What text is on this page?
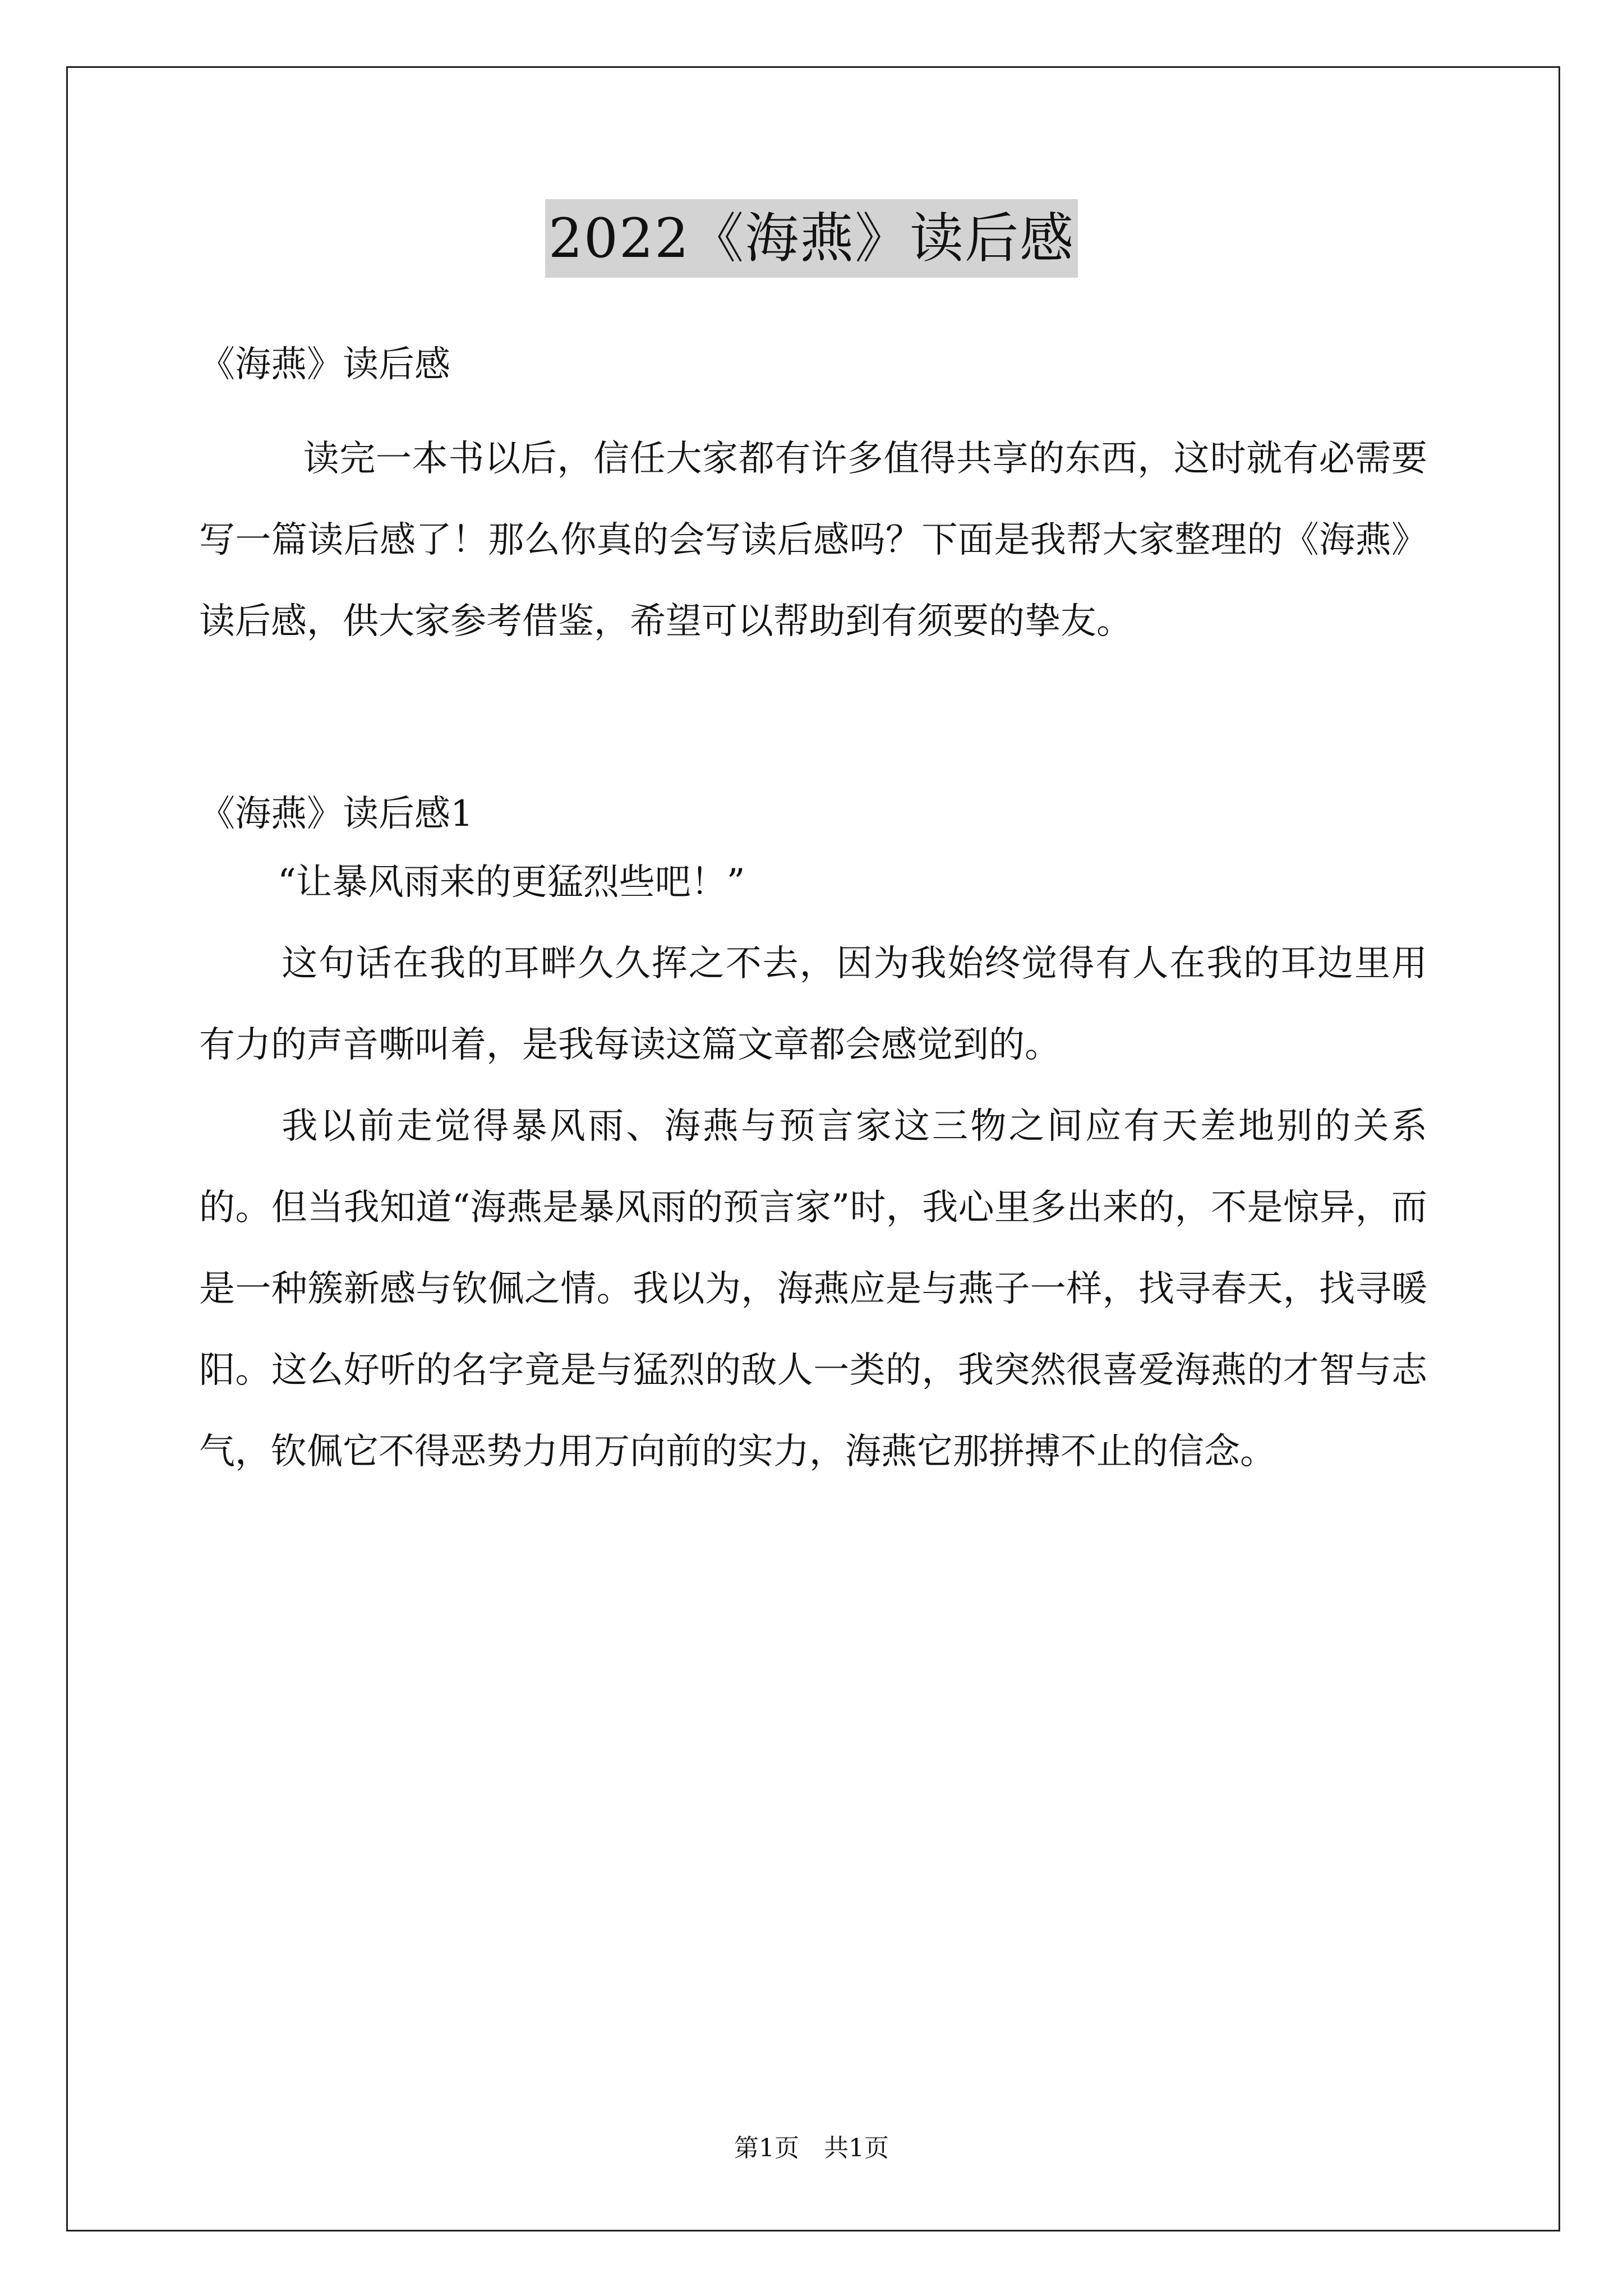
2022《海燕》读后感

《海燕》读后感

读完一本书以后，信任大家都有许多值得共享的东西，这时就有必需要写一篇读后感了！那么你真的会写读后感吗？下面是我帮大家整理的《海燕》读后感，供大家参考借鉴，希望可以帮助到有须要的挚友。

《海燕》读后感1

“让暴风雨来的更猛烈些吧！”

这句话在我的耳畔久久挥之不去，因为我始终觉得有人在我的耳边里用有力的声音嘶叫着，是我每读这篇文章都会感觉到的。

我以前走觉得暴风雨、海燕与预言家这三物之间应有天差地别的关系的。但当我知道“海燕是暴风雨的预言家”时，我心里多出来的，不是惊异，而是一种簇新感与钦佩之情。我以为，海燕应是与燕子一样，找寻春天，找寻暖阳。这么好听的名字竟是与猛烈的敌人一类的，我突然很喜爱海燕的才智与志气，钦佩它不得恶势力用万向前的实力，海燕它那拼搏不止的信念。

第1页 共1页
